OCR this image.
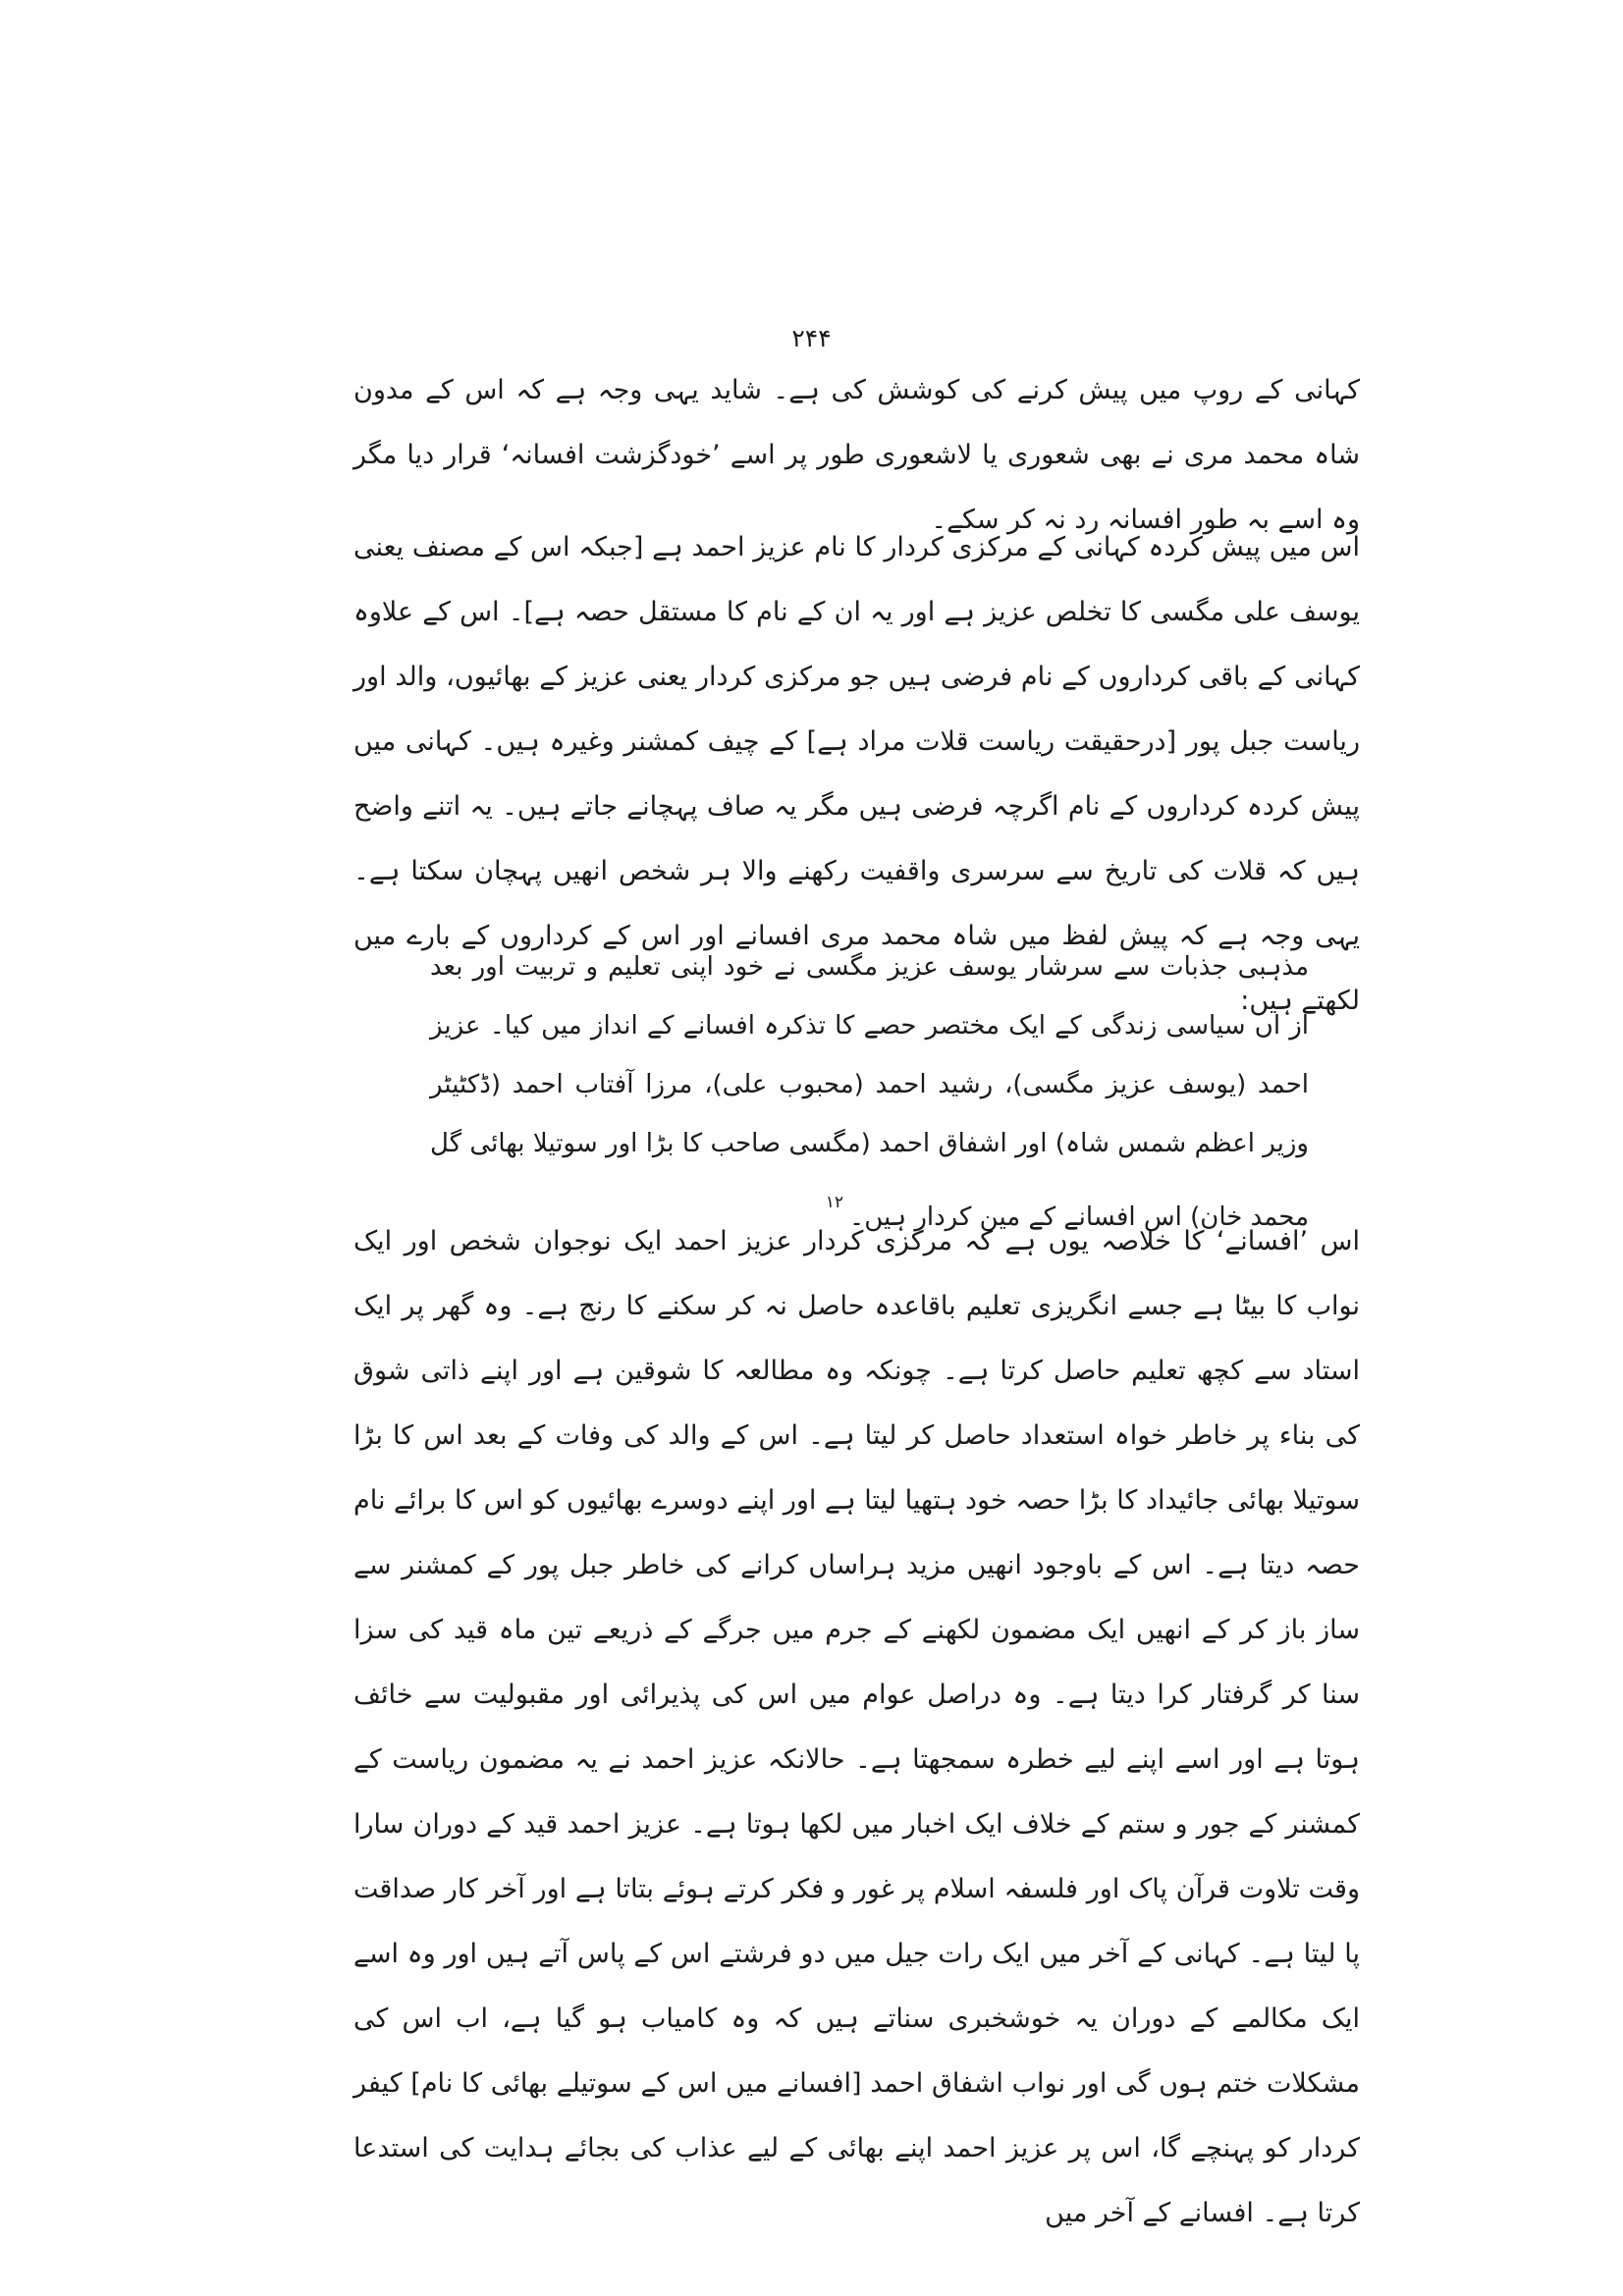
۲۴۴

کہانی کے روپ میں پیش کرنے کی کوشش کی ہے۔ شاید یہی وجہ ہے کہ اس کے مدون شاہ محمد مری نے بھی شعوری یا لاشعوری طور پر اسے ’خودگزشت افسانہ‘ قرار دیا مگر وہ اسے بہ طور افسانہ رد نہ کر سکے۔

اس میں پیش کردہ کہانی کے مرکزی کردار کا نام عزیز احمد ہے [جبکہ اس کے مصنف یعنی یوسف علی مگسی کا تخلص عزیز ہے اور یہ ان کے نام کا مستقل حصہ ہے]۔ اس کے علاوہ کہانی کے باقی کرداروں کے نام فرضی ہیں جو مرکزی کردار یعنی عزیز کے بھائیوں، والد اور ریاست جبل پور [درحقیقت ریاست قلات مراد ہے] کے چیف کمشنر وغیرہ ہیں۔ کہانی میں پیش کردہ کرداروں کے نام اگرچہ فرضی ہیں مگر یہ صاف پہچانے جاتے ہیں۔ یہ اتنے واضح ہیں کہ قلات کی تاریخ سے سرسری واقفیت رکھنے والا ہر شخص انھیں پہچان سکتا ہے۔ یہی وجہ ہے کہ پیش لفظ میں شاہ محمد مری افسانے اور اس کے کرداروں کے بارے میں لکھتے ہیں:

مذہبی جذبات سے سرشار یوسف عزیز مگسی نے خود اپنی تعلیم و تربیت اور بعد از اں سیاسی زندگی کے ایک مختصر حصے کا تذکرہ افسانے کے انداز میں کیا۔ عزیز احمد (یوسف عزیز مگسی)، رشید احمد (محبوب علی)، مرزا آفتاب احمد (ڈکٹیٹر وزیر اعظم شمس شاہ) اور اشفاق احمد (مگسی صاحب کا بڑا اور سوتیلا بھائی گل محمد خان) اس افسانے کے مین کردار ہیں۔$^{۱۲}$

اس ’افسانے‘ کا خلاصہ یوں ہے کہ مرکزی کردار عزیز احمد ایک نوجوان شخص اور ایک نواب کا بیٹا ہے جسے انگریزی تعلیم باقاعدہ حاصل نہ کر سکنے کا رنج ہے۔ وہ گھر پر ایک استاد سے کچھ تعلیم حاصل کرتا ہے۔ چونکہ وہ مطالعہ کا شوقین ہے اور اپنے ذاتی شوق کی بناء پر خاطر خواہ استعداد حاصل کر لیتا ہے۔ اس کے والد کی وفات کے بعد اس کا بڑا سوتیلا بھائی جائیداد کا بڑا حصہ خود ہتھیا لیتا ہے اور اپنے دوسرے بھائیوں کو اس کا برائے نام حصہ دیتا ہے۔ اس کے باوجود انھیں مزید ہراساں کرانے کی خاطر جبل پور کے کمشنر سے ساز باز کر کے انھیں ایک مضمون لکھنے کے جرم میں جرگے کے ذریعے تین ماہ قید کی سزا سنا کر گرفتار کرا دیتا ہے۔ وہ دراصل عوام میں اس کی پذیرائی اور مقبولیت سے خائف ہوتا ہے اور اسے اپنے لیے خطرہ سمجھتا ہے۔ حالانکہ عزیز احمد نے یہ مضمون ریاست کے کمشنر کے جور و ستم کے خلاف ایک اخبار میں لکھا ہوتا ہے۔ عزیز احمد قید کے دوران سارا وقت تلاوت قرآن پاک اور فلسفہ اسلام پر غور و فکر کرتے ہوئے بتاتا ہے اور آخر کار صداقت پا لیتا ہے۔ کہانی کے آخر میں ایک رات جیل میں دو فرشتے اس کے پاس آتے ہیں اور وہ اسے ایک مکالمے کے دوران یہ خوشخبری سناتے ہیں کہ وہ کامیاب ہو گیا ہے، اب اس کی مشکلات ختم ہوں گی اور نواب اشفاق احمد [افسانے میں اس کے سوتیلے بھائی کا نام] کیفر کردار کو پہنچے گا، اس پر عزیز احمد اپنے بھائی کے لیے عذاب کی بجائے ہدایت کی استدعا کرتا ہے۔ افسانے کے آخر میں
